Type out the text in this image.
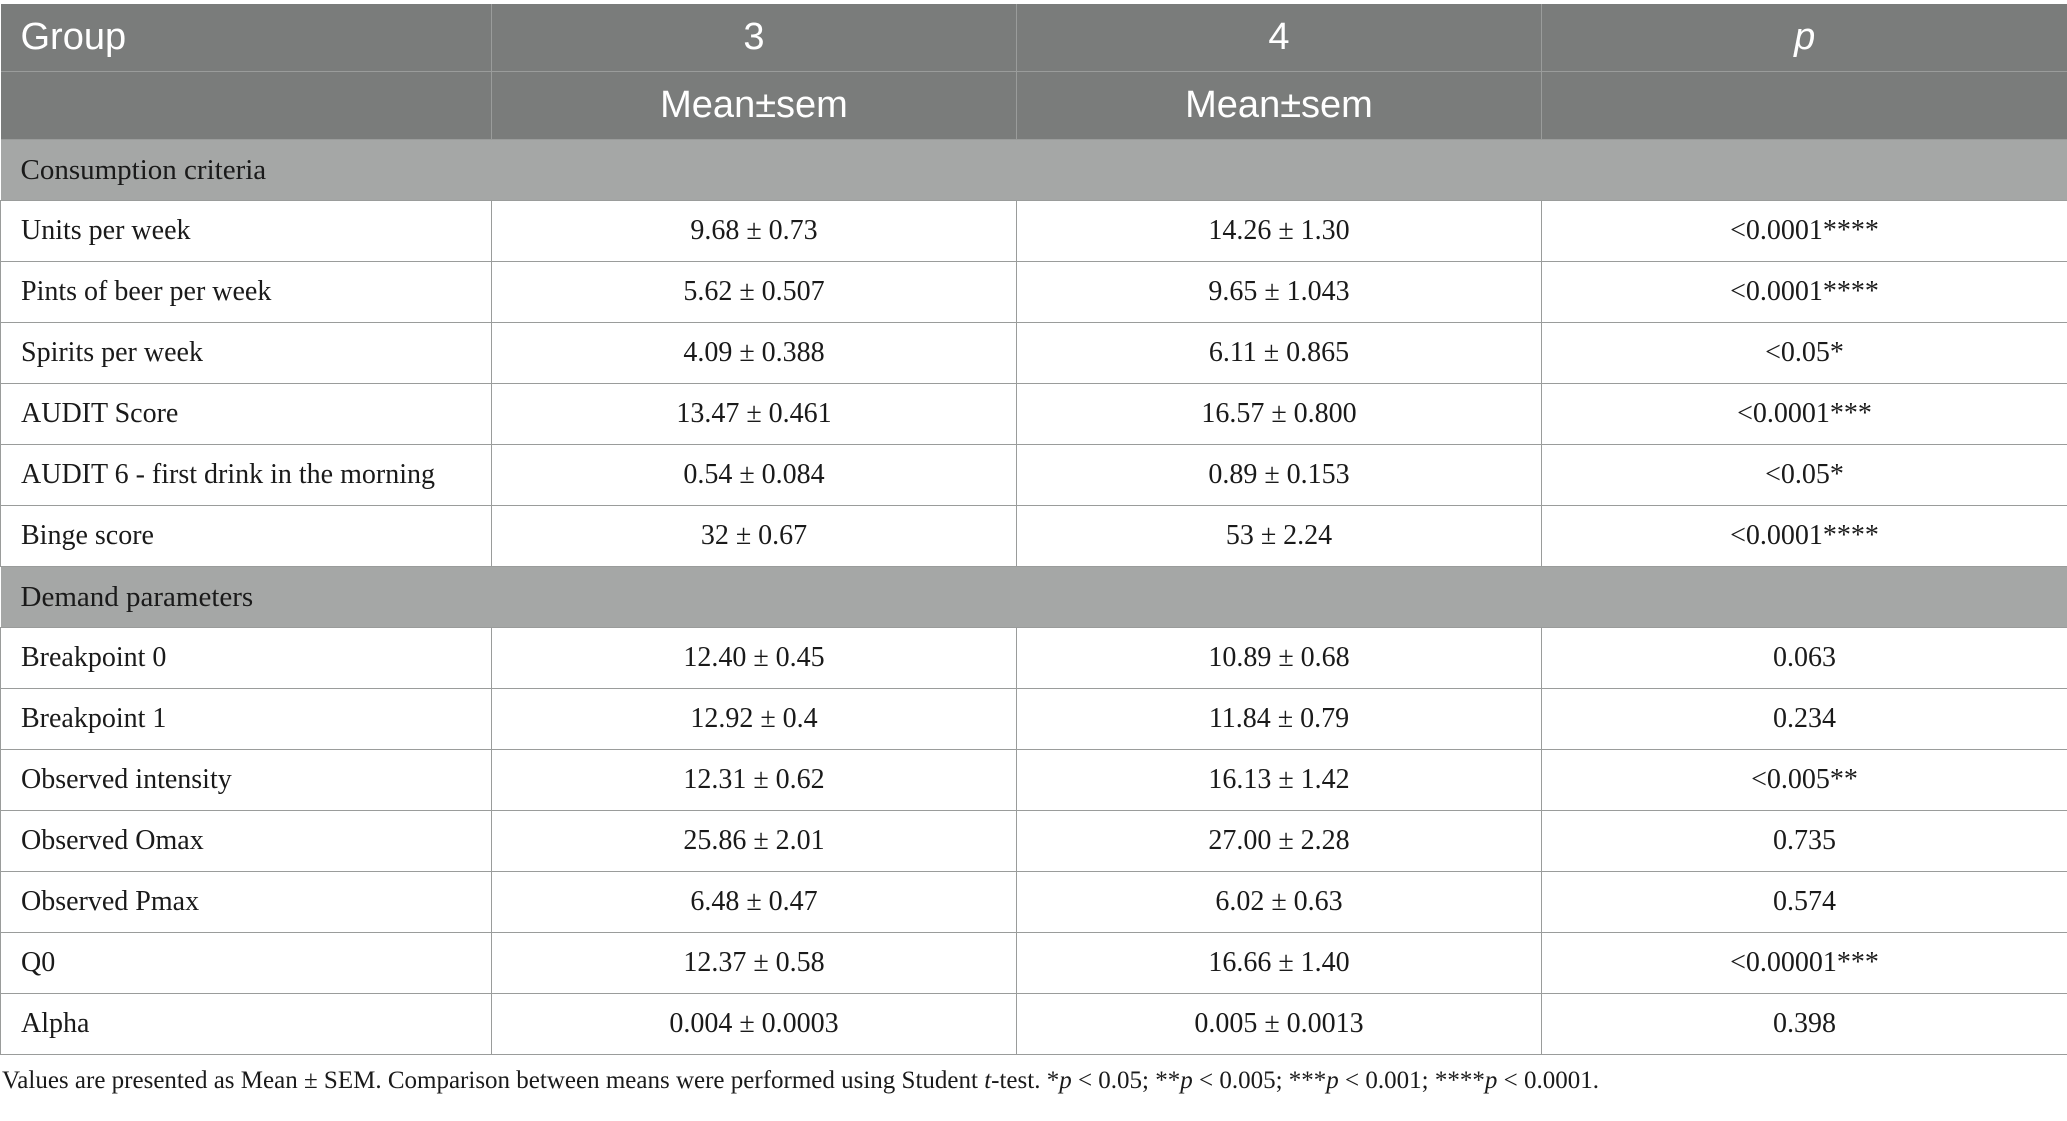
Group	3	4	p
	Mean±sem	Mean±sem	
Consumption criteria			
Units per week	9.68 ± 0.73	14.26 ± 1.30	<0.0001****
Pints of beer per week	5.62 ± 0.507	9.65 ± 1.043	<0.0001****
Spirits per week	4.09 ± 0.388	6.11 ± 0.865	<0.05*
AUDIT Score	13.47 ± 0.461	16.57 ± 0.800	<0.0001***
AUDIT 6 - first drink in the morning	0.54 ± 0.084	0.89 ± 0.153	<0.05*
Binge score	32 ± 0.67	53 ± 2.24	<0.0001****
Demand parameters			
Breakpoint 0	12.40 ± 0.45	10.89 ± 0.68	0.063
Breakpoint 1	12.92 ± 0.4	11.84 ± 0.79	0.234
Observed intensity	12.31 ± 0.62	16.13 ± 1.42	<0.005**
Observed Omax	25.86 ± 2.01	27.00 ± 2.28	0.735
Observed Pmax	6.48 ± 0.47	6.02 ± 0.63	0.574
Q0	12.37 ± 0.58	16.66 ± 1.40	<0.00001***
Alpha	0.004 ± 0.0003	0.005 ± 0.0013	0.398
Values are presented as Mean ± SEM. Comparison between means were performed using Student t-test. *p < 0.05; **p < 0.005; ***p < 0.001; ****p < 0.0001.
